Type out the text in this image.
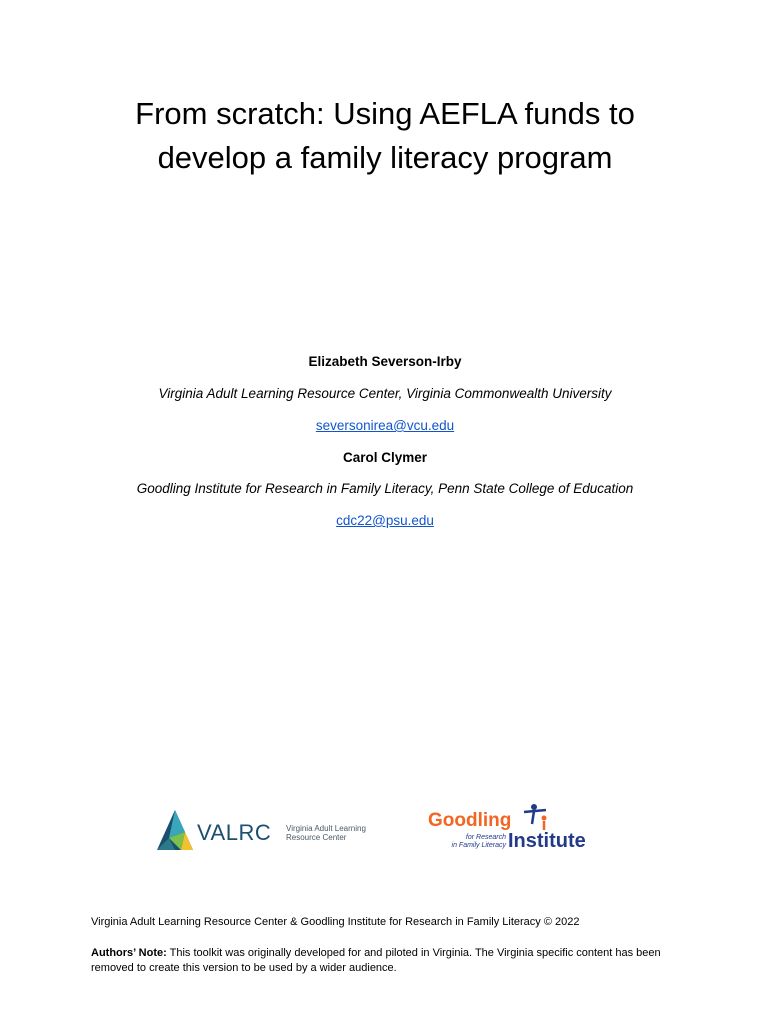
From scratch: Using AEFLA funds to
develop a family literacy program
Elizabeth Severson-Irby
Virginia Adult Learning Resource Center, Virginia Commonwealth University
seversonirea@vcu.edu
Carol Clymer
Goodling Institute for Research in Family Literacy, Penn State College of Education
cdc22@psu.edu
VALRC Virginia Adult Learning
Resource Center
Goodling
for Research
in Family Literacy Institute
Virginia Adult Learning Resource Center & Goodling Institute for Research in Family Literacy © 2022
Authors’ Note: This toolkit was originally developed for and piloted in Virginia. The Virginia specific content has been removed to create this version to be used by a wider audience.
